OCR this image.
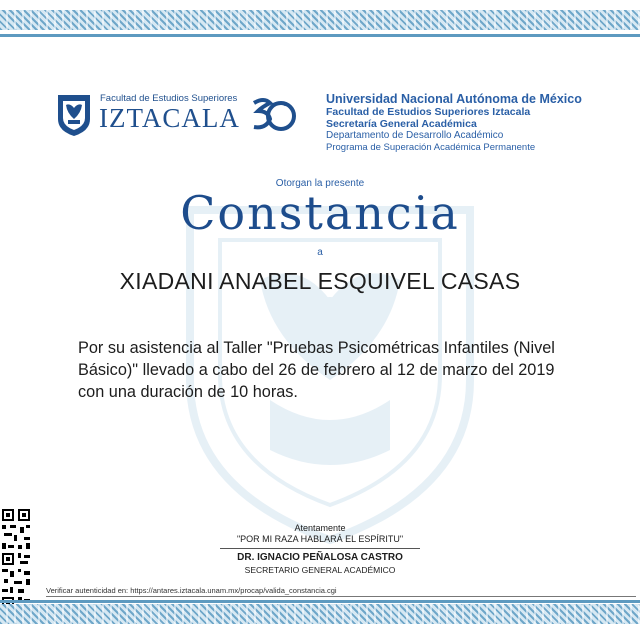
Facultad de Estudios Superiores
IZTACALA
Universidad Nacional Autónoma de México
Facultad de Estudios Superiores Iztacala
Secretaría General Académica
Departamento de Desarrollo Académico
Programa de Superación Académica Permanente
Otorgan la presente
Constancia
a
XIADANI ANABEL ESQUIVEL CASAS
Por su asistencia al Taller "Pruebas Psicométricas Infantiles (Nivel Básico)" llevado a cabo del 26 de febrero al 12 de marzo del 2019 con una duración de 10 horas.
Atentamente
"POR MI RAZA HABLARÁ EL ESPÍRITU"
DR. IGNACIO PEÑALOSA CASTRO
SECRETARIO GENERAL ACADÉMICO
Verificar autenticidad en: https://antares.iztacala.unam.mx/procap/valida_constancia.cgi
